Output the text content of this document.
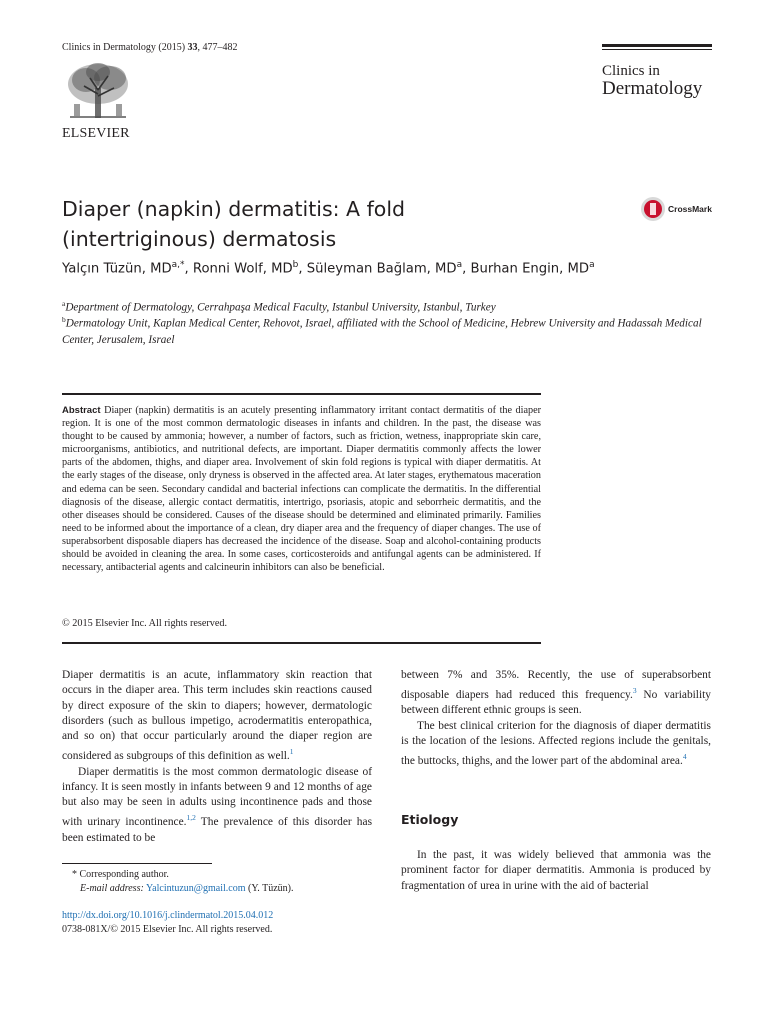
Clinics in Dermatology (2015) 33, 477–482
ELSEVIER
Clinics in
Dermatology
Diaper (napkin) dermatitis: A fold
(intertriginous) dermatosis
CrossMark
Yalçın Tüzün, $MD^{a,*}$, Ronni Wolf, $MD^b$, Süleyman Bağlam, $MD^a$, Burhan Engin, $MD^a$
$^a$Department of Dermatology, Cerrahpaşa Medical Faculty, Istanbul University, Istanbul, Turkey
$^b$Dermatology Unit, Kaplan Medical Center, Rehovot, Israel, affiliated with the School of Medicine, Hebrew University and Hadassah Medical Center, Jerusalem, Israel
Abstract Diaper (napkin) dermatitis is an acutely presenting inflammatory irritant contact dermatitis of the diaper region. It is one of the most common dermatologic diseases in infants and children. In the past, the disease was thought to be caused by ammonia; however, a number of factors, such as friction, wetness, inappropriate skin care, microorganisms, antibiotics, and nutritional defects, are important. Diaper dermatitis commonly affects the lower parts of the abdomen, thighs, and diaper area. Involvement of skin fold regions is typical with diaper dermatitis. At the early stages of the disease, only dryness is observed in the affected area. At later stages, erythematous maceration and edema can be seen. Secondary candidal and bacterial infections can complicate the dermatitis. In the differential diagnosis of the disease, allergic contact dermatitis, intertrigo, psoriasis, atopic and seborrheic dermatitis, and the other diseases should be considered. Causes of the disease should be determined and eliminated primarily. Families need to be informed about the importance of a clean, dry diaper area and the frequency of diaper changes. The use of superabsorbent disposable diapers has decreased the incidence of the disease. Soap and alcohol-containing products should be avoided in cleaning the area. In some cases, corticosteroids and antifungal agents can be administered. If necessary, antibacterial agents and calcineurin inhibitors can also be beneficial.
© 2015 Elsevier Inc. All rights reserved.

Diaper dermatitis is an acute, inflammatory skin reaction that occurs in the diaper area. This term includes skin reactions caused by direct exposure of the skin to diapers; however, dermatologic disorders (such as bullous impetigo, acrodermatitis enteropathica, and so on) that occur particularly around the diaper region are considered as subgroups of this definition as well.$^1$

Diaper dermatitis is the most common dermatologic disease of infancy. It is seen mostly in infants between 9 and 12 months of age but also may be seen in adults using incontinence pads and those with urinary incontinence.$^{1,2}$ The prevalence of this disorder has been estimated to be

between 7% and 35%. Recently, the use of superabsorbent disposable diapers had reduced this frequency.$^3$ No variability between different ethnic groups is seen.

The best clinical criterion for the diagnosis of diaper dermatitis is the location of the lesions. Affected regions include the genitals, the buttocks, thighs, and the lower part of the abdominal area.$^4$

Etiology

In the past, it was widely believed that ammonia was the prominent factor for diaper dermatitis. Ammonia is produced by fragmentation of urea in urine with the aid of bacterial

* Corresponding author.
E-mail address: Yalcintuzun@gmail.com (Y. Tüzün).
http://dx.doi.org/10.1016/j.clindermatol.2015.04.012
0738-081X/© 2015 Elsevier Inc. All rights reserved.
